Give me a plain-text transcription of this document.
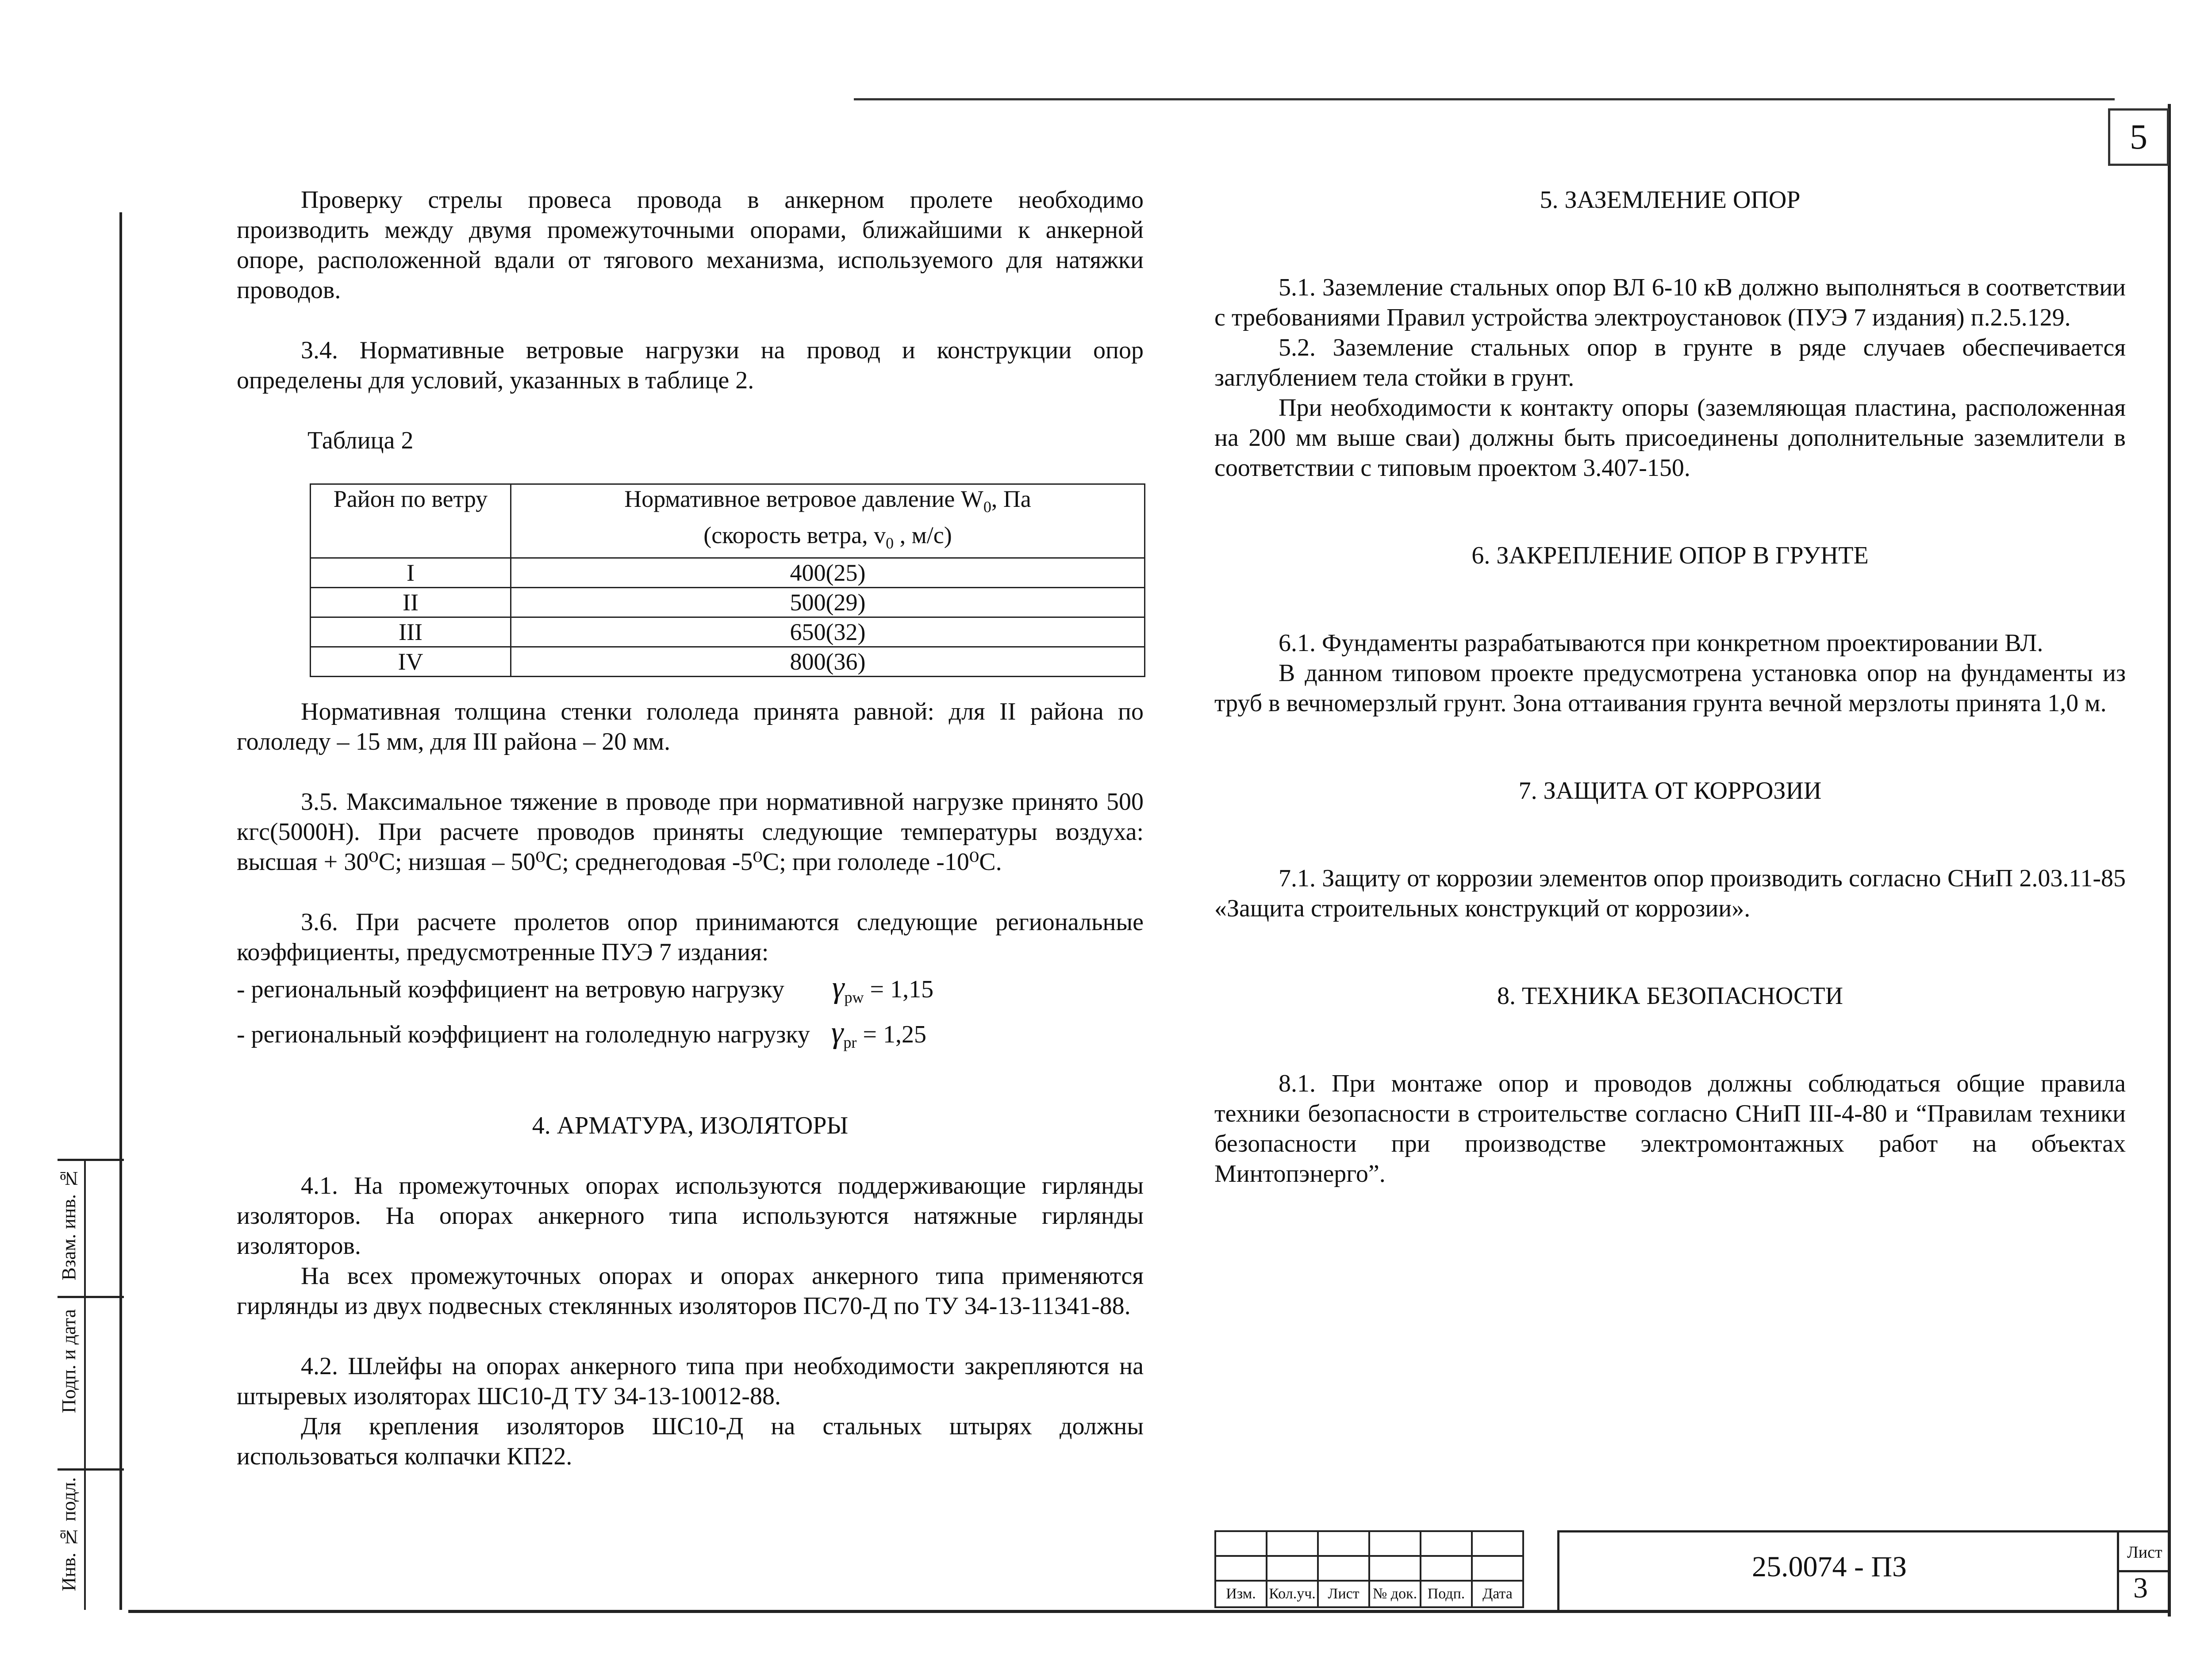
5
Взам. инв. №
Подп. и дата
Инв. № подл.

Проверку стрелы провеса провода в анкерном пролете необходимо производить между двумя промежуточными опорами, ближайшими к анкерной опоре, расположенной вдали от тягового механизма, используемого для натяжки проводов.

3.4. Нормативные ветровые нагрузки на провод и конструкции опор определены для условий, указанных в таблице 2.

Таблица 2

Район по ветру	Нормативное ветровое давление $W_0$, Па
(скорость ветра, $v_0$ , м/с)
I	400(25)
II	500(29)
III	650(32)
IV	800(36)

Нормативная толщина стенки гололеда принята равной: для II района по гололеду – 15 мм, для III района – 20 мм.

3.5. Максимальное тяжение в проводе при нормативной нагрузке принято 500 кгс(5000Н). При расчете проводов приняты следующие температуры воздуха: высшая + 30⁰С; низшая – 50⁰С; среднегодовая -5⁰С; при гололеде -10⁰С.

3.6. При расчете пролетов опор принимаются следующие региональные коэффициенты, предусмотренные ПУЭ 7 издания:

- региональный коэффициент на ветровую нагрузку $\gamma_{pw} = 1,15$

- региональный коэффициент на гололедную нагрузку $\gamma_{pr} = 1,25$

4. АРМАТУРА, ИЗОЛЯТОРЫ

4.1. На промежуточных опорах используются поддерживающие гирлянды изоляторов. На опорах анкерного типа используются натяжные гирлянды изоляторов.

На всех промежуточных опорах и опорах анкерного типа применяются гирлянды из двух подвесных стеклянных изоляторов ПС70-Д по ТУ 34-13-11341-88.

4.2. Шлейфы на опорах анкерного типа при необходимости закрепляются на штыревых изоляторах ШС10-Д ТУ 34-13-10012-88.

Для крепления изоляторов ШС10-Д на стальных штырях должны использоваться колпачки КП22.

5. ЗАЗЕМЛЕНИЕ ОПОР

5.1. Заземление стальных опор ВЛ 6-10 кВ должно выполняться в соответствии с требованиями Правил устройства электроустановок (ПУЭ 7 издания) п.2.5.129.

5.2. Заземление стальных опор в грунте в ряде случаев обеспечивается заглублением тела стойки в грунт.

При необходимости к контакту опоры (заземляющая пластина, расположенная на 200 мм выше сваи) должны быть присоединены дополнительные заземлители в соответствии с типовым проектом 3.407-150.

6. ЗАКРЕПЛЕНИЕ ОПОР В ГРУНТЕ

6.1. Фундаменты разрабатываются при конкретном проектировании ВЛ.

В данном типовом проекте предусмотрена установка опор на фундаменты из труб в вечномерзлый грунт. Зона оттаивания грунта вечной мерзлоты принята 1,0 м.

7. ЗАЩИТА ОТ КОРРОЗИИ

7.1. Защиту от коррозии элементов опор производить согласно СНиП 2.03.11-85 «Защита строительных конструкций от коррозии».

8. ТЕХНИКА БЕЗОПАСНОСТИ

8.1. При монтаже опор и проводов должны соблюдаться общие правила техники безопасности в строительстве согласно СНиП III-4-80 и “Правилам техники безопасности при производстве электромонтажных работ на объектах Минтопэнерго”.

Изм.	Кол.уч.	Лист	№ док.	Подп.	Дата
25.0074 - ПЗ	Лист
3
